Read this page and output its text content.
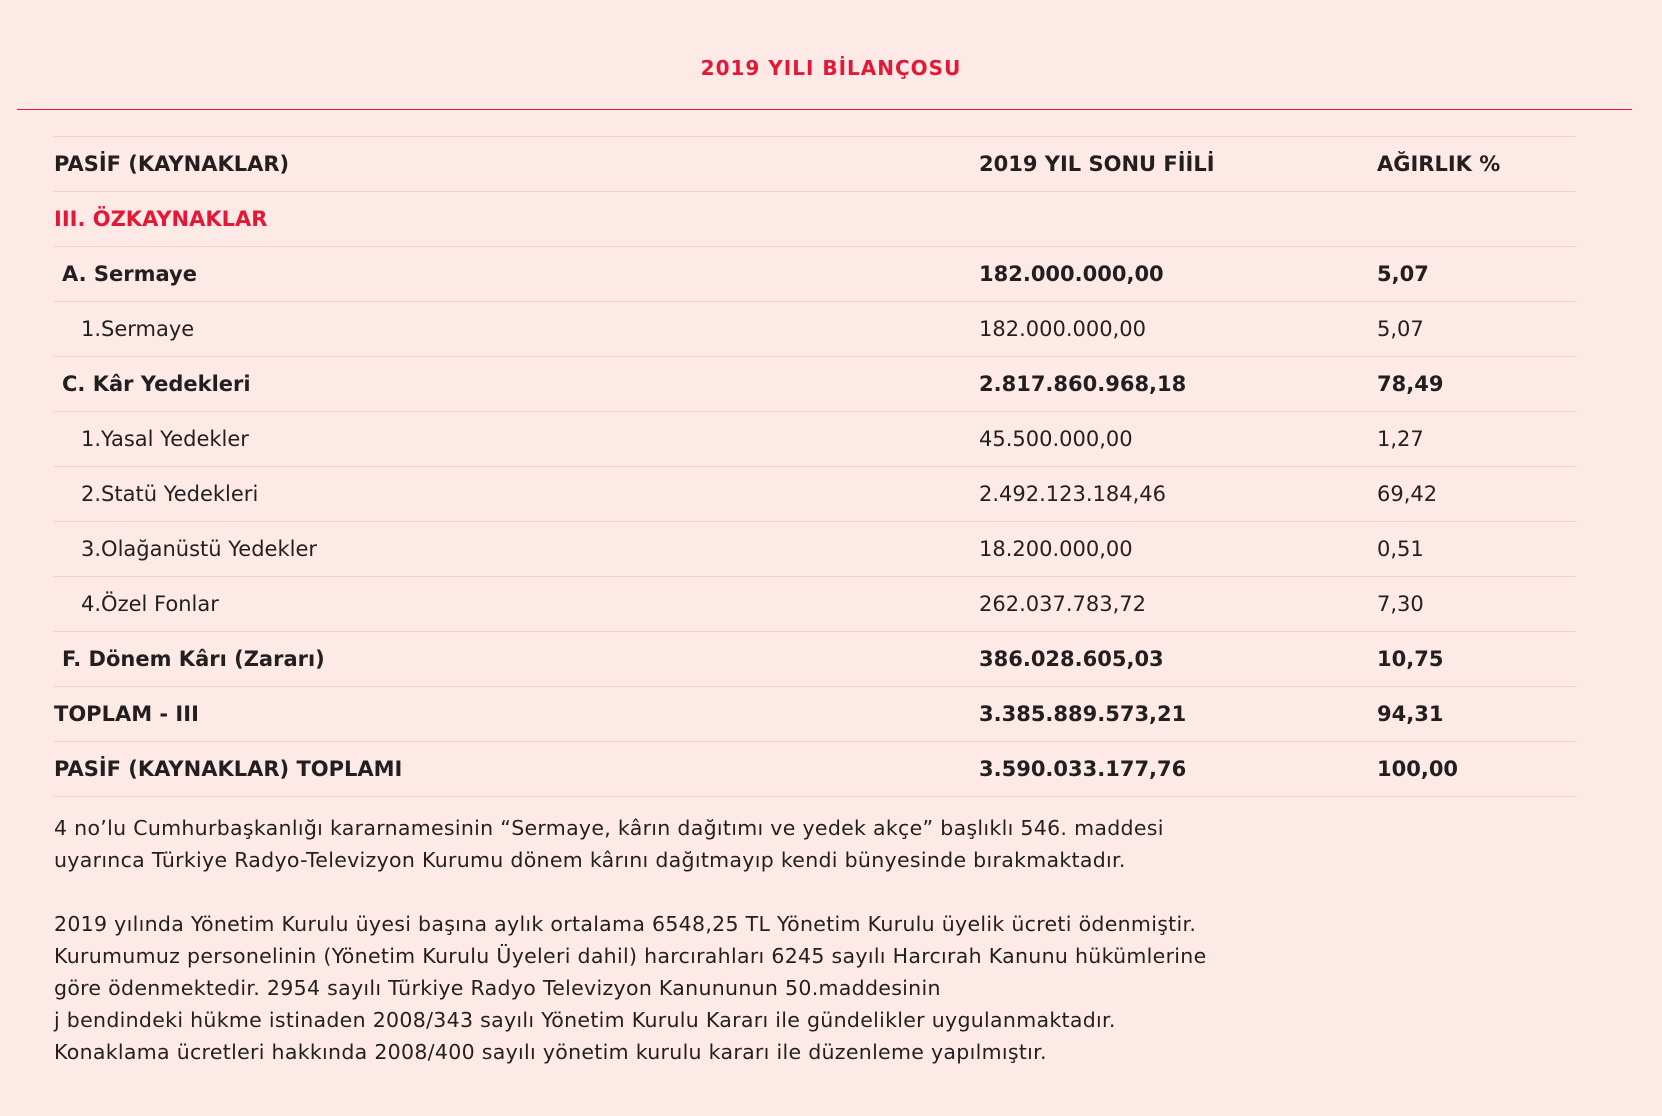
2019 YILI BİLANÇOSU
PASİF (KAYNAKLAR)	2019 YIL SONU FİİLİ	AĞIRLIK %
III. ÖZKAYNAKLAR
A. Sermaye	182.000.000,00	5,07
1.Sermaye	182.000.000,00	5,07
C. Kâr Yedekleri	2.817.860.968,18	78,49
1.Yasal Yedekler	45.500.000,00	1,27
2.Statü Yedekleri	2.492.123.184,46	69,42
3.Olağanüstü Yedekler	18.200.000,00	0,51
4.Özel Fonlar	262.037.783,72	7,30
F. Dönem Kârı (Zararı)	386.028.605,03	10,75
TOPLAM - III	3.385.889.573,21	94,31
PASİF (KAYNAKLAR) TOPLAMI	3.590.033.177,76	100,00

4 no’lu Cumhurbaşkanlığı kararnamesinin “Sermaye, kârın dağıtımı ve yedek akçe” başlıklı 546. maddesi
uyarınca Türkiye Radyo-Televizyon Kurumu dönem kârını dağıtmayıp kendi bünyesinde bırakmaktadır.

2019 yılında Yönetim Kurulu üyesi başına aylık ortalama 6548,25 TL Yönetim Kurulu üyelik ücreti ödenmiştir.
Kurumumuz personelinin (Yönetim Kurulu Üyeleri dahil) harcırahları 6245 sayılı Harcırah Kanunu hükümlerine
göre ödenmektedir. 2954 sayılı Türkiye Radyo Televizyon Kanununun 50.maddesinin
j bendindeki hükme istinaden 2008/343 sayılı Yönetim Kurulu Kararı ile gündelikler uygulanmaktadır.
Konaklama ücretleri hakkında 2008/400 sayılı yönetim kurulu kararı ile düzenleme yapılmıştır.
